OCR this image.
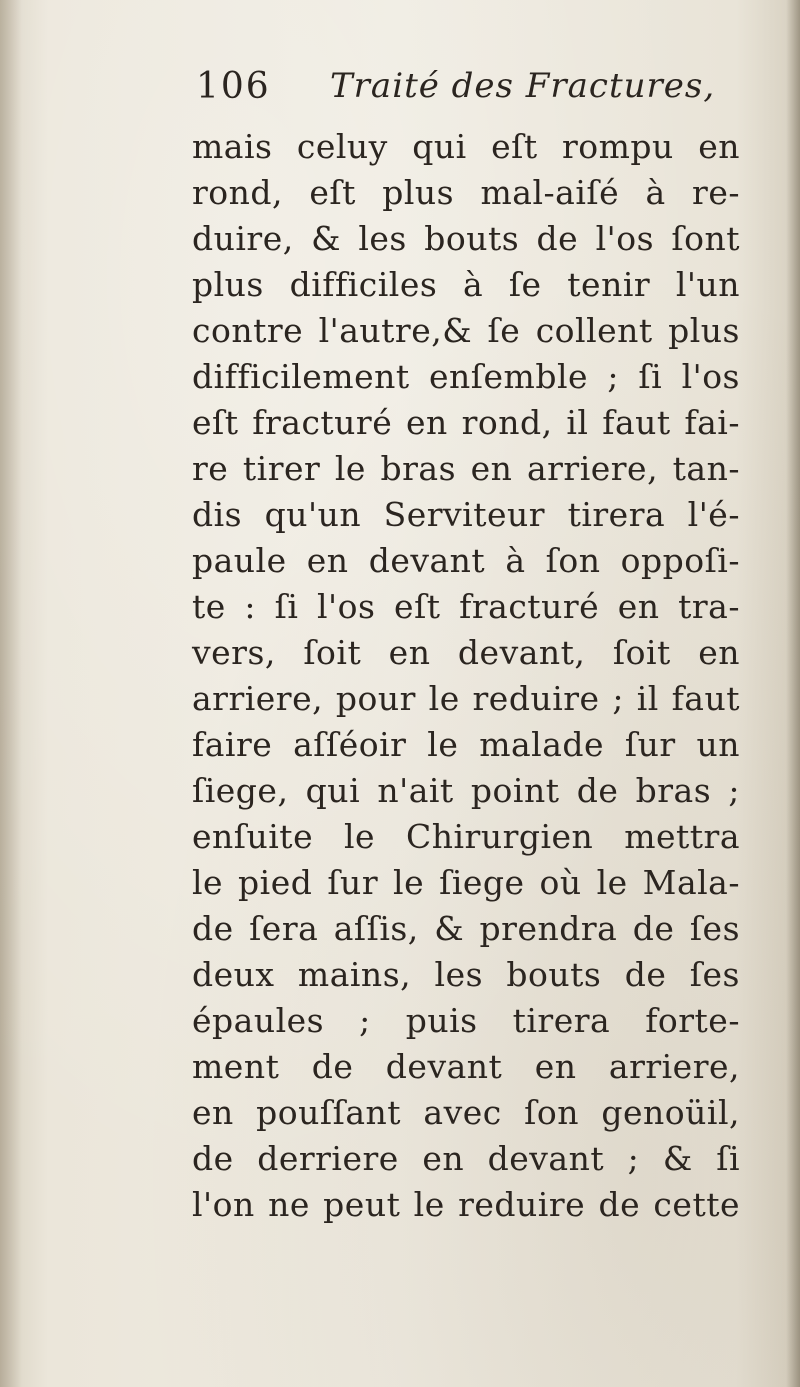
106 Traité des Fractures,
mais celuy qui eſt rompu en
rond, eſt plus mal-aiſé à re-
duire, & les bouts de l'os ſont
plus difficiles à ſe tenir l'un
contre l'autre,& ſe collent plus
difficilement enſemble ; ſi l'os
eſt fracturé en rond, il faut fai-
re tirer le bras en arriere, tan-
dis qu'un Serviteur tirera l'é-
paule en devant à ſon oppoſi-
te : ſi l'os eſt fracturé en tra-
vers, ſoit en devant, ſoit en
arriere, pour le reduire ; il faut
faire aſſéoir le malade ſur un
ſiege, qui n'ait point de bras ;
enſuite le Chirurgien mettra
le pied ſur le ſiege où le Mala-
de ſera aſſis, & prendra de ſes
deux mains, les bouts de ſes
épaules ; puis tirera forte-
ment de devant en arriere,
en pouſſant avec ſon genoüil,
de derriere en devant ; & ſi
l'on ne peut le reduire de cette
